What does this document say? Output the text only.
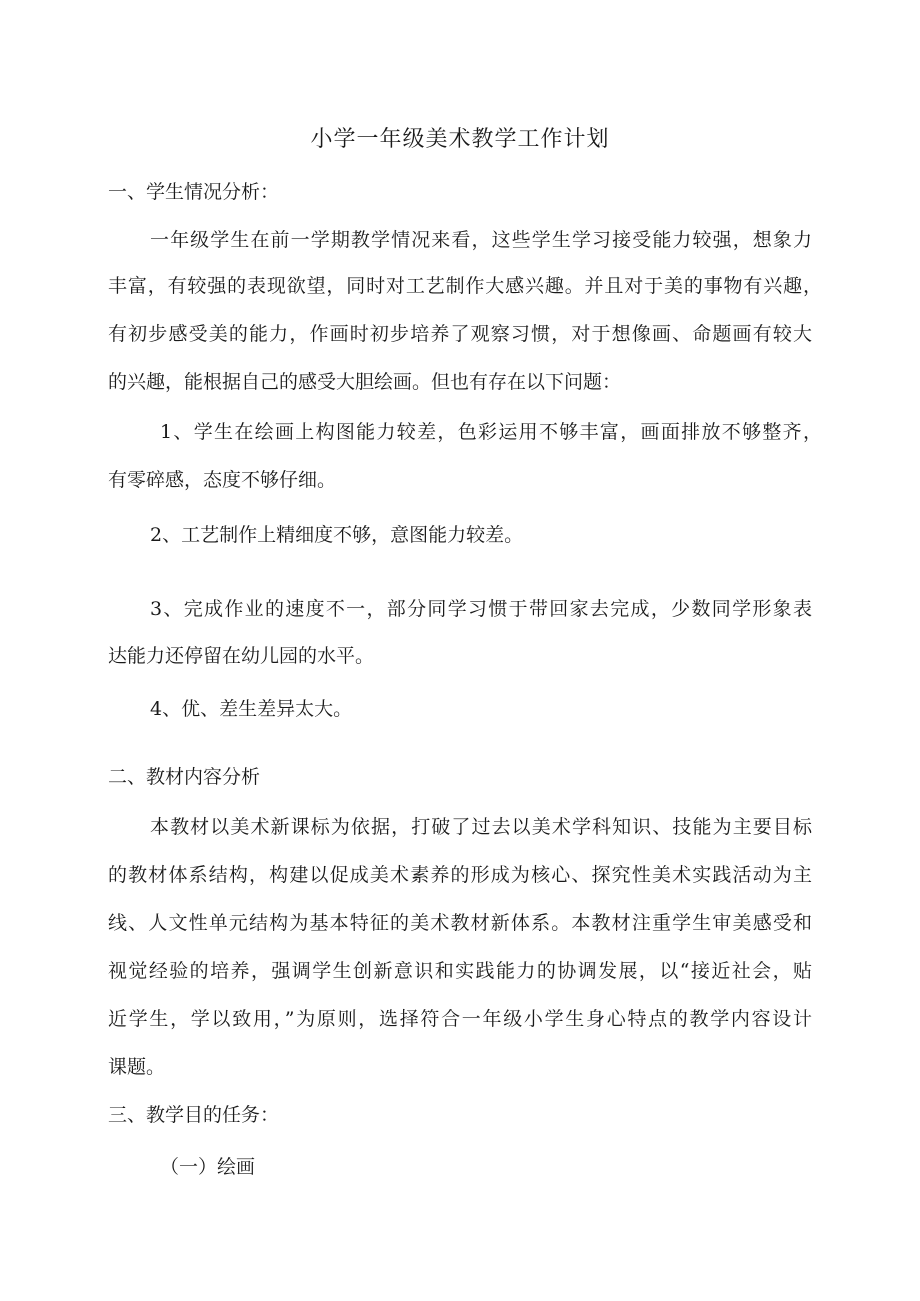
小学一年级美术教学工作计划
一、学生情况分析：
一年级学生在前一学期教学情况来看，这些学生学习接受能力较强，想象力
丰富，有较强的表现欲望，同时对工艺制作大感兴趣。并且对于美的事物有兴趣，
有初步感受美的能力，作画时初步培养了观察习惯，对于想像画、命题画有较大
的兴趣，能根据自己的感受大胆绘画。但也有存在以下问题：
1、学生在绘画上构图能力较差，色彩运用不够丰富，画面排放不够整齐，
有零碎感，态度不够仔细。
2、工艺制作上精细度不够，意图能力较差。
3、完成作业的速度不一，部分同学习惯于带回家去完成，少数同学形象表
达能力还停留在幼儿园的水平。
4、优、差生差异太大。
二、教材内容分析
本教材以美术新课标为依据，打破了过去以美术学科知识、技能为主要目标
的教材体系结构，构建以促成美术素养的形成为核心、探究性美术实践活动为主
线、人文性单元结构为基本特征的美术教材新体系。本教材注重学生审美感受和
视觉经验的培养，强调学生创新意识和实践能力的协调发展，以“接近社会，贴
近学生，学以致用，”为原则，选择符合一年级小学生身心特点的教学内容设计
课题。
三、教学目的任务：
（一）绘画
